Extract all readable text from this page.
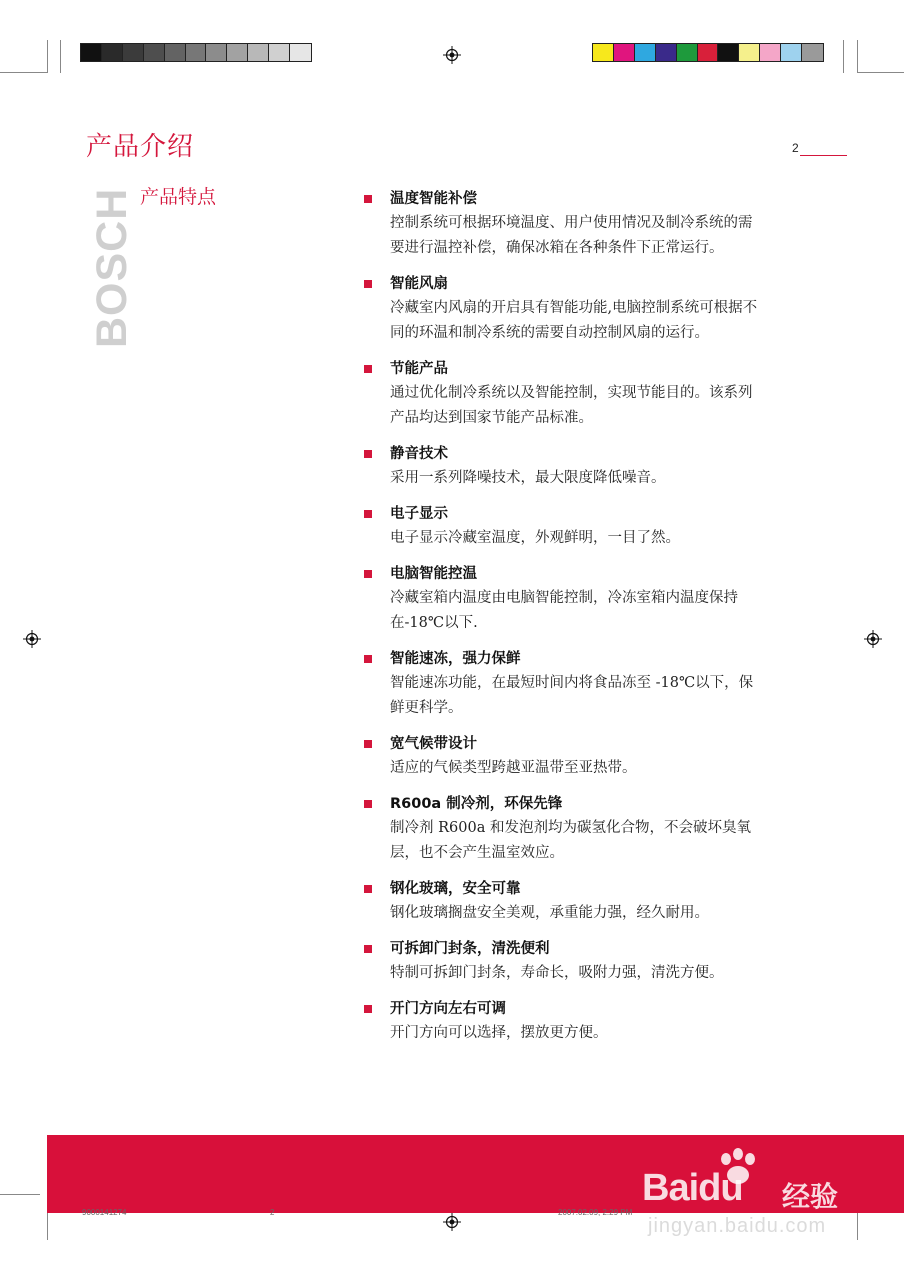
产品介绍	2
BOSCH 产品特点	温度智能补偿
控制系统可根据环境温度、用户使用情况及制冷系统的需
要进行温控补偿，确保冰箱在各种条件下正常运行。
智能风扇
冷藏室内风扇的开启具有智能功能,电脑控制系统可根据不
同的环温和制冷系统的需要自动控制风扇的运行。
节能产品
通过优化制冷系统以及智能控制，实现节能目的。该系列
产品均达到国家节能产品标准。
静音技术
采用一系列降噪技术，最大限度降低噪音。
电子显示
电子显示冷藏室温度，外观鲜明，一目了然。
电脑智能控温
冷藏室箱内温度由电脑智能控制，冷冻室箱内温度保持
在-18℃以下.
智能速冻，强力保鲜
智能速冻功能，在最短时间内将食品冻至 -18℃以下，保
鲜更科学。
宽气候带设计
适应的气候类型跨越亚温带至亚热带。
R600a 制冷剂，环保先锋
制冷剂 R600a 和发泡剂均为碳氢化合物，不会破坏臭氧
层，也不会产生温室效应。
钢化玻璃，安全可靠
钢化玻璃搁盘安全美观，承重能力强，经久耐用。
可拆卸门封条，清洗便利
特制可拆卸门封条，寿命长，吸附力强，清洗方便。
开门方向左右可调
开门方向可以选择，摆放更方便。
9000141274	2	2007.02.09, 2:29 PM
Baidu 经验
jingyan.baidu.com
